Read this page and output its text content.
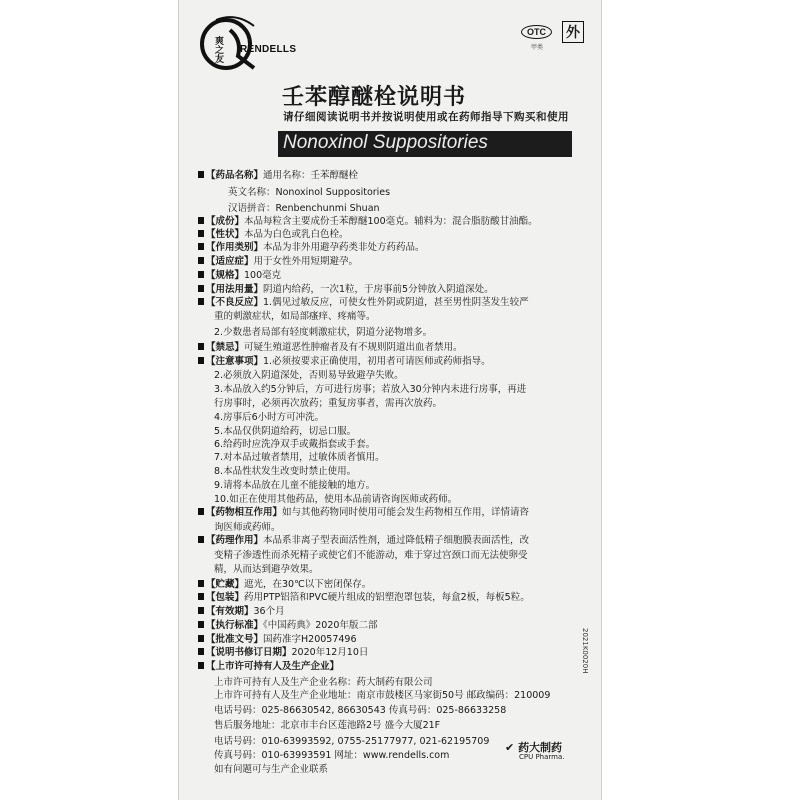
爽之友 RENDELLS
OTC
甲类
外
壬苯醇醚栓说明书
请仔细阅读说明书并按说明使用或在药师指导下购买和使用
Nonoxinol Suppositories
【药品名称】通用名称：壬苯醇醚栓
英文名称：Nonoxinol Suppositories
汉语拼音：Renbenchunmi Shuan
【成份】本品每粒含主要成份壬苯醇醚100毫克。辅料为：混合脂肪酸甘油酯。
【性状】本品为白色或乳白色栓。
【作用类别】本品为非外用避孕药类非处方药药品。
【适应症】用于女性外用短期避孕。
【规格】100毫克
【用法用量】阴道内给药，一次1粒，于房事前5分钟放入阴道深处。
【不良反应】1.偶见过敏反应，可使女性外阴或阴道，甚至男性阴茎发生较严
重的刺激症状，如局部瘙痒、疼痛等。
2.少数患者局部有轻度刺激症状，阴道分泌物增多。
【禁忌】可疑生殖道恶性肿瘤者及有不规则阴道出血者禁用。
【注意事项】1.必须按要求正确使用，初用者可请医师或药师指导。
2.必须放入阴道深处，否则易导致避孕失败。
3.本品放入约5分钟后，方可进行房事；若放入30分钟内未进行房事，再进
行房事时，必须再次放药；重复房事者，需再次放药。
4.房事后6小时方可冲洗。
5.本品仅供阴道给药，切忌口服。
6.给药时应洗净双手或戴指套或手套。
7.对本品过敏者禁用，过敏体质者慎用。
8.本品性状发生改变时禁止使用。
9.请将本品放在儿童不能接触的地方。
10.如正在使用其他药品，使用本品前请咨询医师或药师。
【药物相互作用】如与其他药物同时使用可能会发生药物相互作用，详情请咨
询医师或药师。
【药理作用】本品系非离子型表面活性剂，通过降低精子细胞膜表面活性，改
变精子渗透性而杀死精子或使它们不能游动，难于穿过宫颈口而无法使卵受
精，从而达到避孕效果。
【贮藏】遮光，在30℃以下密闭保存。
【包装】药用PTP铝箔和PVC硬片组成的铝塑泡罩包装，每盒2板，每板5粒。
【有效期】36个月
【执行标准】《中国药典》2020年版二部
【批准文号】国药准字H20057496
【说明书修订日期】2020年12月10日
【上市许可持有人及生产企业】
上市许可持有人及生产企业名称：药大制药有限公司
上市许可持有人及生产企业地址：南京市鼓楼区马家街50号 邮政编码：210009
电话号码：025-86630542, 86630543 传真号码：025-86633258
售后服务地址：北京市丰台区莲池路2号 盛今大厦21F
电话号码：010-63993592, 0755-25177977, 021-62195709
传真号码：010-63993591 网址：www.rendells.com
如有问题可与生产企业联系
2021K0020H
✔ 药大制药
CPU Pharma.
